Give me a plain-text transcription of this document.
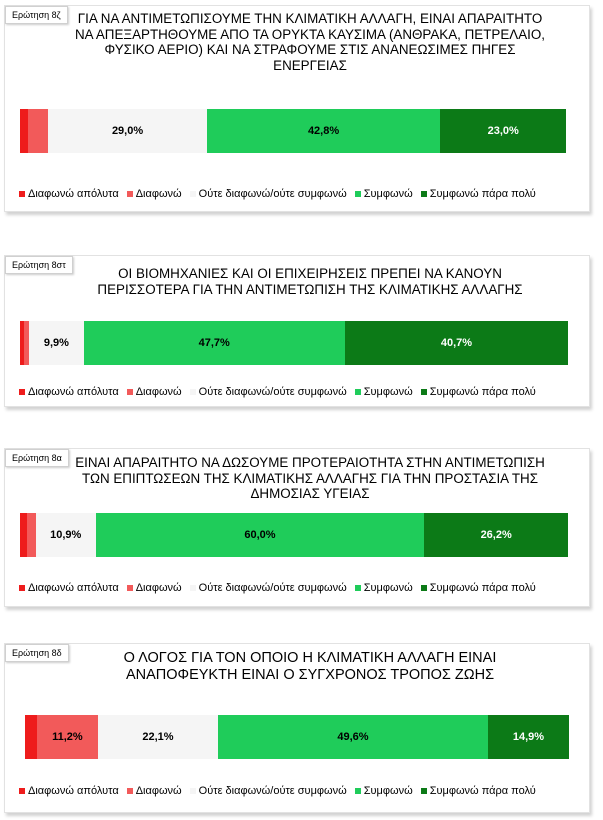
Ερώτηση 8ζ	ΓΙΑ ΝΑ ΑΝΤΙΜΕΤΩΠΙΣΟΥΜΕ ΤΗΝ ΚΛΙΜΑΤΙΚΗ ΑΛΛΑΓΗ, ΕΙΝΑΙ ΑΠΑΡΑΙΤΗΤΟ ΝΑ ΑΠΕΞΑΡΤΗΘΟΥΜΕ ΑΠΟ ΤΑ ΟΡΥΚΤΑ ΚΑΥΣΙΜΑ (ΑΝΘΡΑΚΑ, ΠΕΤΡΕΛΑΙΟ, ΦΥΣΙΚΟ ΑΕΡΙΟ) ΚΑΙ ΝΑ ΣΤΡΑΦΟΥΜΕ ΣΤΙΣ ΑΝΑΝΕΩΣΙΜΕΣ ΠΗΓΕΣ ΕΝΕΡΓΕΙΑΣ
29,0%	42,8%	23,0%
Διαφωνώ απόλυτα Διαφωνώ Ούτε διαφωνώ/ούτε συμφωνώ Συμφωνώ Συμφωνώ πάρα πολύ
Ερώτηση 8στ
ΟΙ ΒΙΟΜΗΧΑΝΙΕΣ ΚΑΙ ΟΙ ΕΠΙΧΕΙΡΗΣΕΙΣ ΠΡΕΠΕΙ ΝΑ ΚΑΝΟΥΝ ΠΕΡΙΣΣΟΤΕΡΑ ΓΙΑ ΤΗΝ ΑΝΤΙΜΕΤΩΠΙΣΗ ΤΗΣ ΚΛΙΜΑΤΙΚΗΣ ΑΛΛΑΓΗΣ
9,9%	47,7%	40,7%
Διαφωνώ απόλυτα Διαφωνώ Ούτε διαφωνώ/ούτε συμφωνώ Συμφωνώ Συμφωνώ πάρα πολύ
Ερώτηση 8α ΕΙΝΑΙ ΑΠΑΡΑΙΤΗΤΟ ΝΑ ΔΩΣΟΥΜΕ ΠΡΟΤΕΡΑΙΟΤΗΤΑ ΣΤΗΝ ΑΝΤΙΜΕΤΩΠΙΣΗ ΤΩΝ ΕΠΙΠΤΩΣΕΩΝ ΤΗΣ ΚΛΙΜΑΤΙΚΗΣ ΑΛΛΑΓΗΣ ΓΙΑ ΤΗΝ ΠΡΟΣΤΑΣΙΑ ΤΗΣ ΔΗΜΟΣΙΑΣ ΥΓΕΙΑΣ
10,9%	60,0%	26,2%
Διαφωνώ απόλυτα Διαφωνώ Ούτε διαφωνώ/ούτε συμφωνώ Συμφωνώ Συμφωνώ πάρα πολύ
Ερώτηση 8δ	Ο ΛΟΓΟΣ ΓΙΑ ΤΟΝ ΟΠΟΙΟ Η ΚΛΙΜΑΤΙΚΗ ΑΛΛΑΓΗ ΕΙΝΑΙ ΑΝΑΠΟΦΕΥΚΤΗ ΕΙΝΑΙ Ο ΣΥΓΧΡΟΝΟΣ ΤΡΟΠΟΣ ΖΩΗΣ
11,2%	22,1%	49,6%	14,9%
Διαφωνώ απόλυτα Διαφωνώ Ούτε διαφωνώ/ούτε συμφωνώ Συμφωνώ Συμφωνώ πάρα πολύ
